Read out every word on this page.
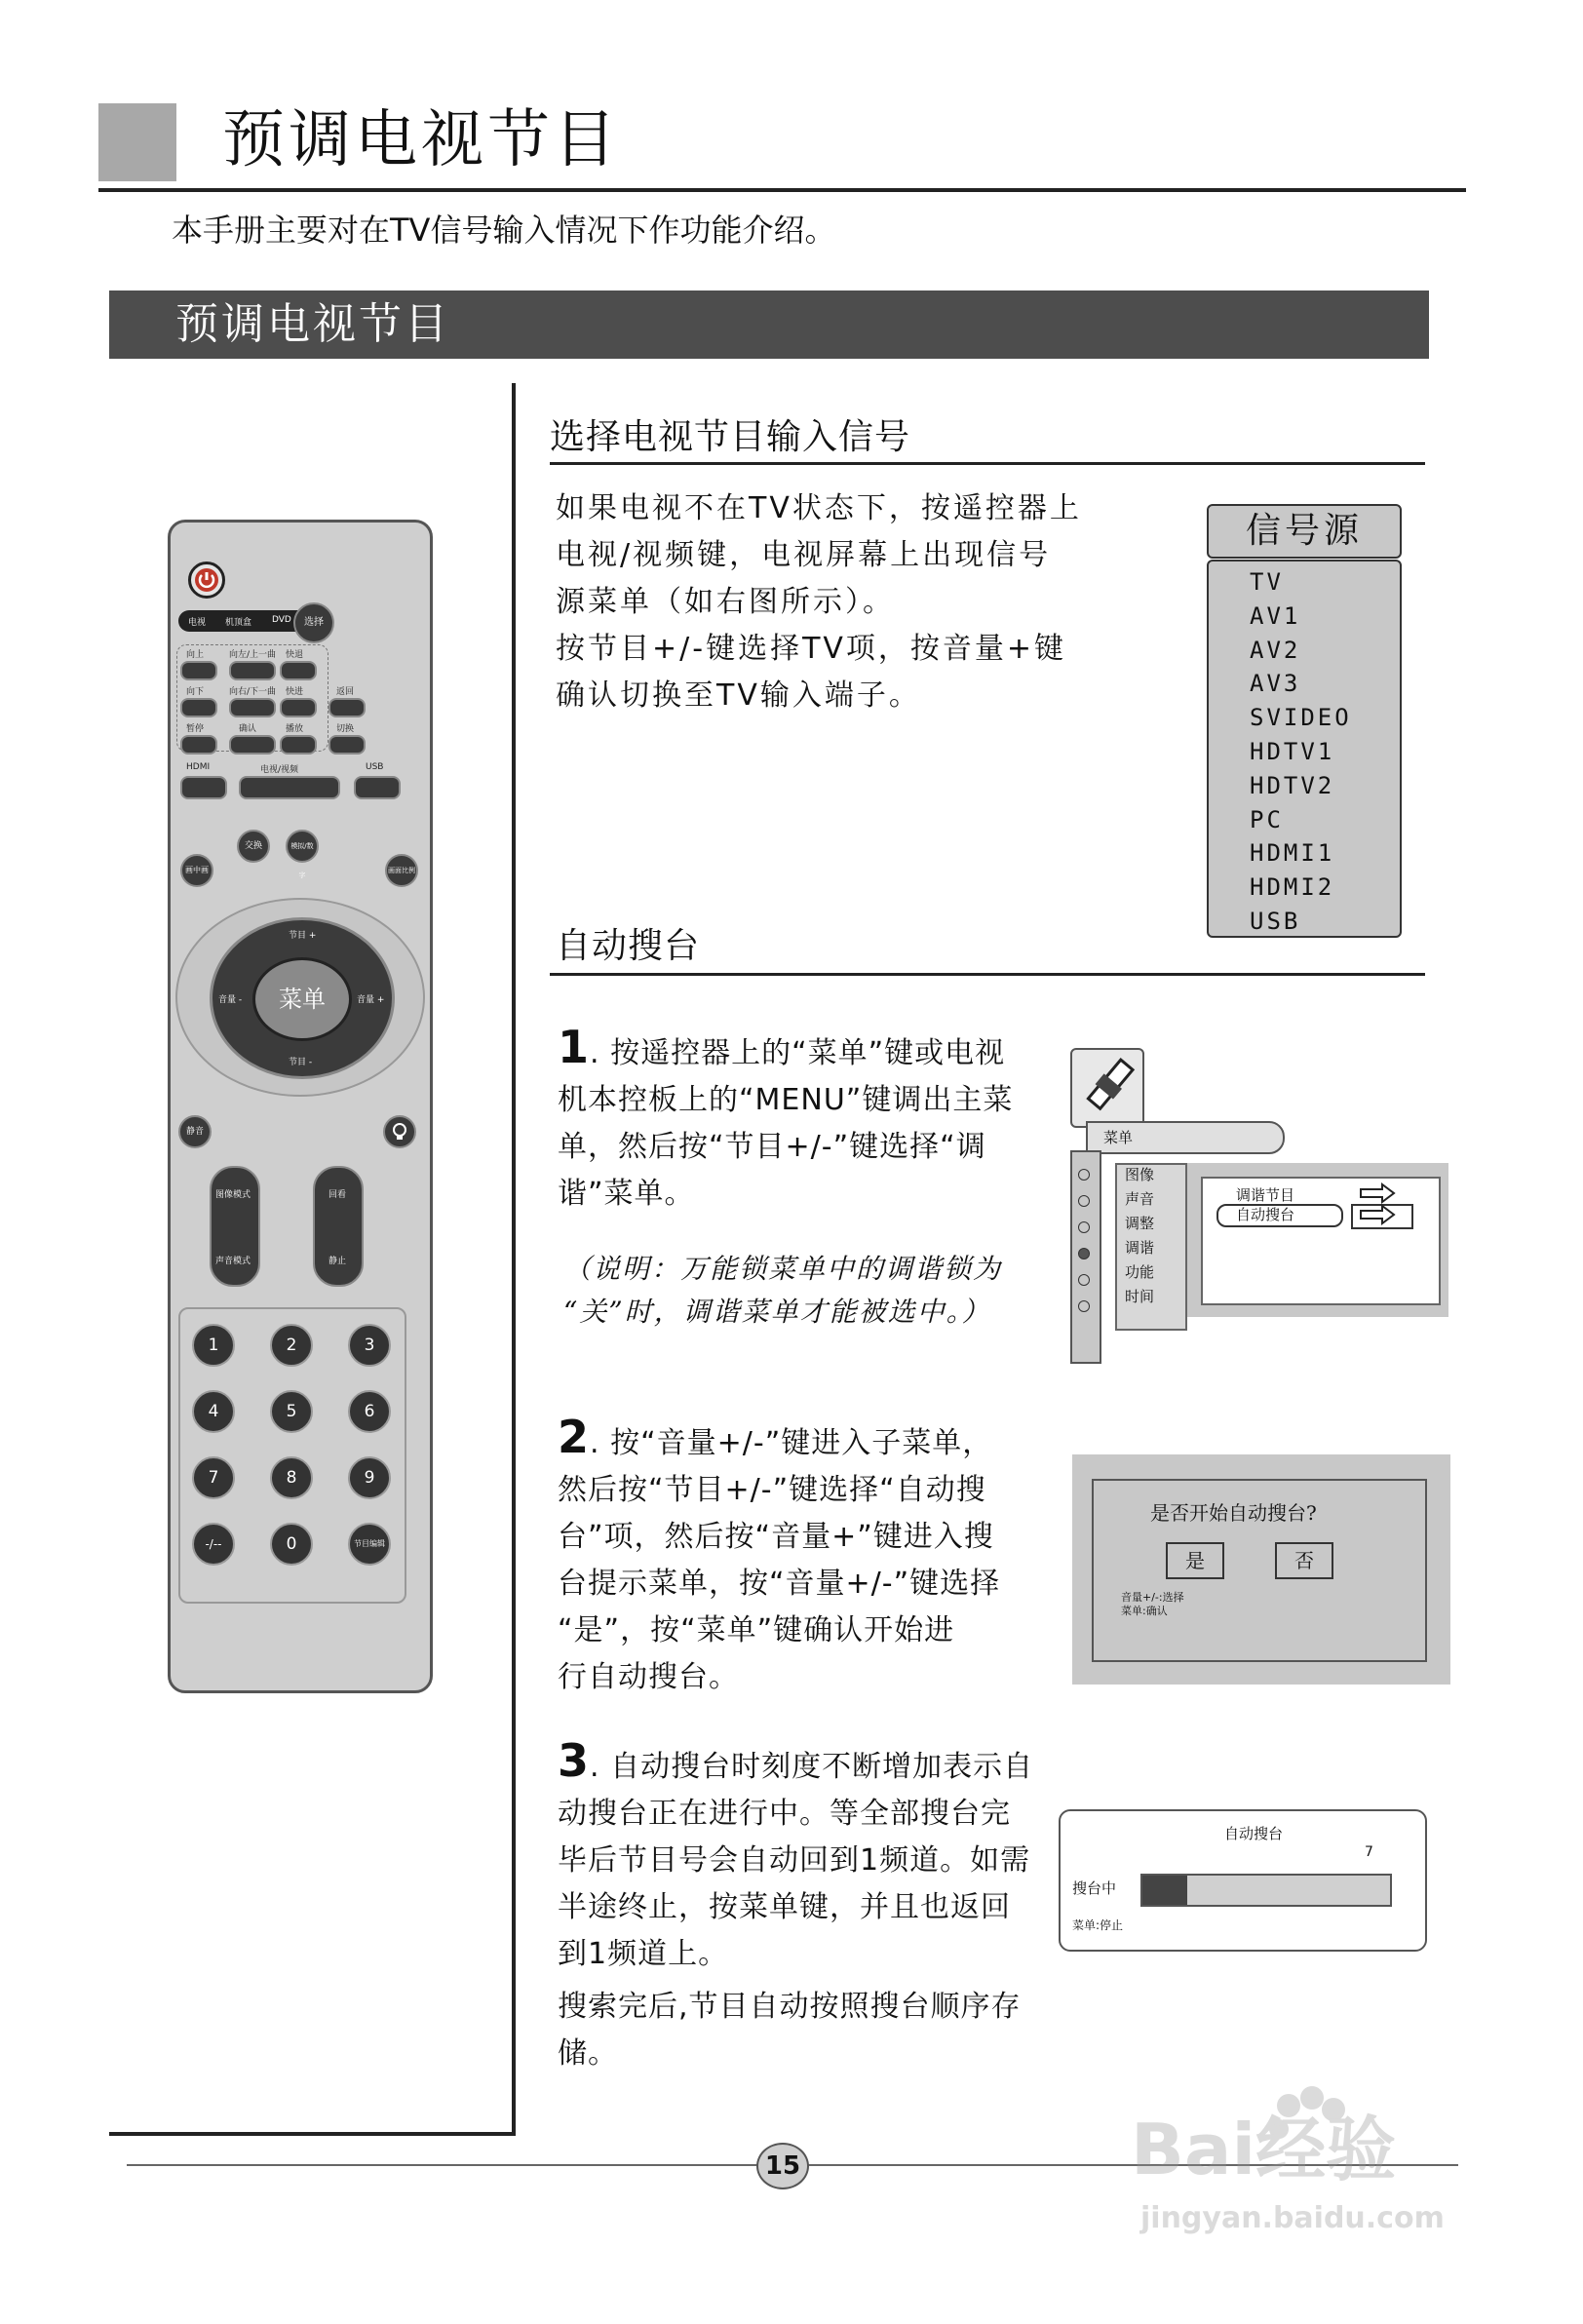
预调电视节目
本手册主要对在TV信号输入情况下作功能介绍。
预调电视节目
电视 机顶盒 DVD	选择
向上	向左/上一曲 快退
向下	向右/下一曲 快进	返回
暂停	确认	播放	切换
HDMI	电视/视频	USB
交换	模拟/数字
画中画	画面比例
节目 +
节目 -
音量 -	音量 +
菜单
静音
图像模式
声音模式
回看
静止
1	2	3
4	5	6
7	8	9
-/--	0	节目编辑
选择电视节目输入信号

如果电视不在TV状态下，按遥控器上

电视/视频键，电视屏幕上出现信号

源菜单（如右图所示）。

按节目+/-键选择TV项，按音量+键

确认切换至TV输入端子。

信号源
TV
AV1
AV2
AV3
SVIDEO
HDTV1
HDTV2
PC
HDMI1
HDMI2
USB
自动搜台

1. 按遥控器上的“菜单”键或电视

机本控板上的“MENU”键调出主菜

单，然后按“节目+/-”键选择“调

谐”菜单。

（说明：万能锁菜单中的调谐锁为
“关”时，调谐菜单才能被选中。）
菜单
图像
声音
调整
调谐
功能
时间
调谐节目
自动搜台

2. 按“音量+/-”键进入子菜单，

然后按“节目+/-”键选择“自动搜

台”项，然后按“音量+”键进入搜

台提示菜单，按“音量+/-”键选择

“是”，按“菜单”键确认开始进

行自动搜台。

是否开始自动搜台?
是	否
音量+/-:选择
菜单:确认

3. 自动搜台时刻度不断增加表示自

动搜台正在进行中。等全部搜台完

毕后节目号会自动回到1频道。如需

半途终止，按菜单键，并且也返回

到1频道上。

搜索完后,节目自动按照搜台顺序存

储。

自动搜台
7
搜台中
菜单:停止
15	Bai经验
jingyan.baidu.com
